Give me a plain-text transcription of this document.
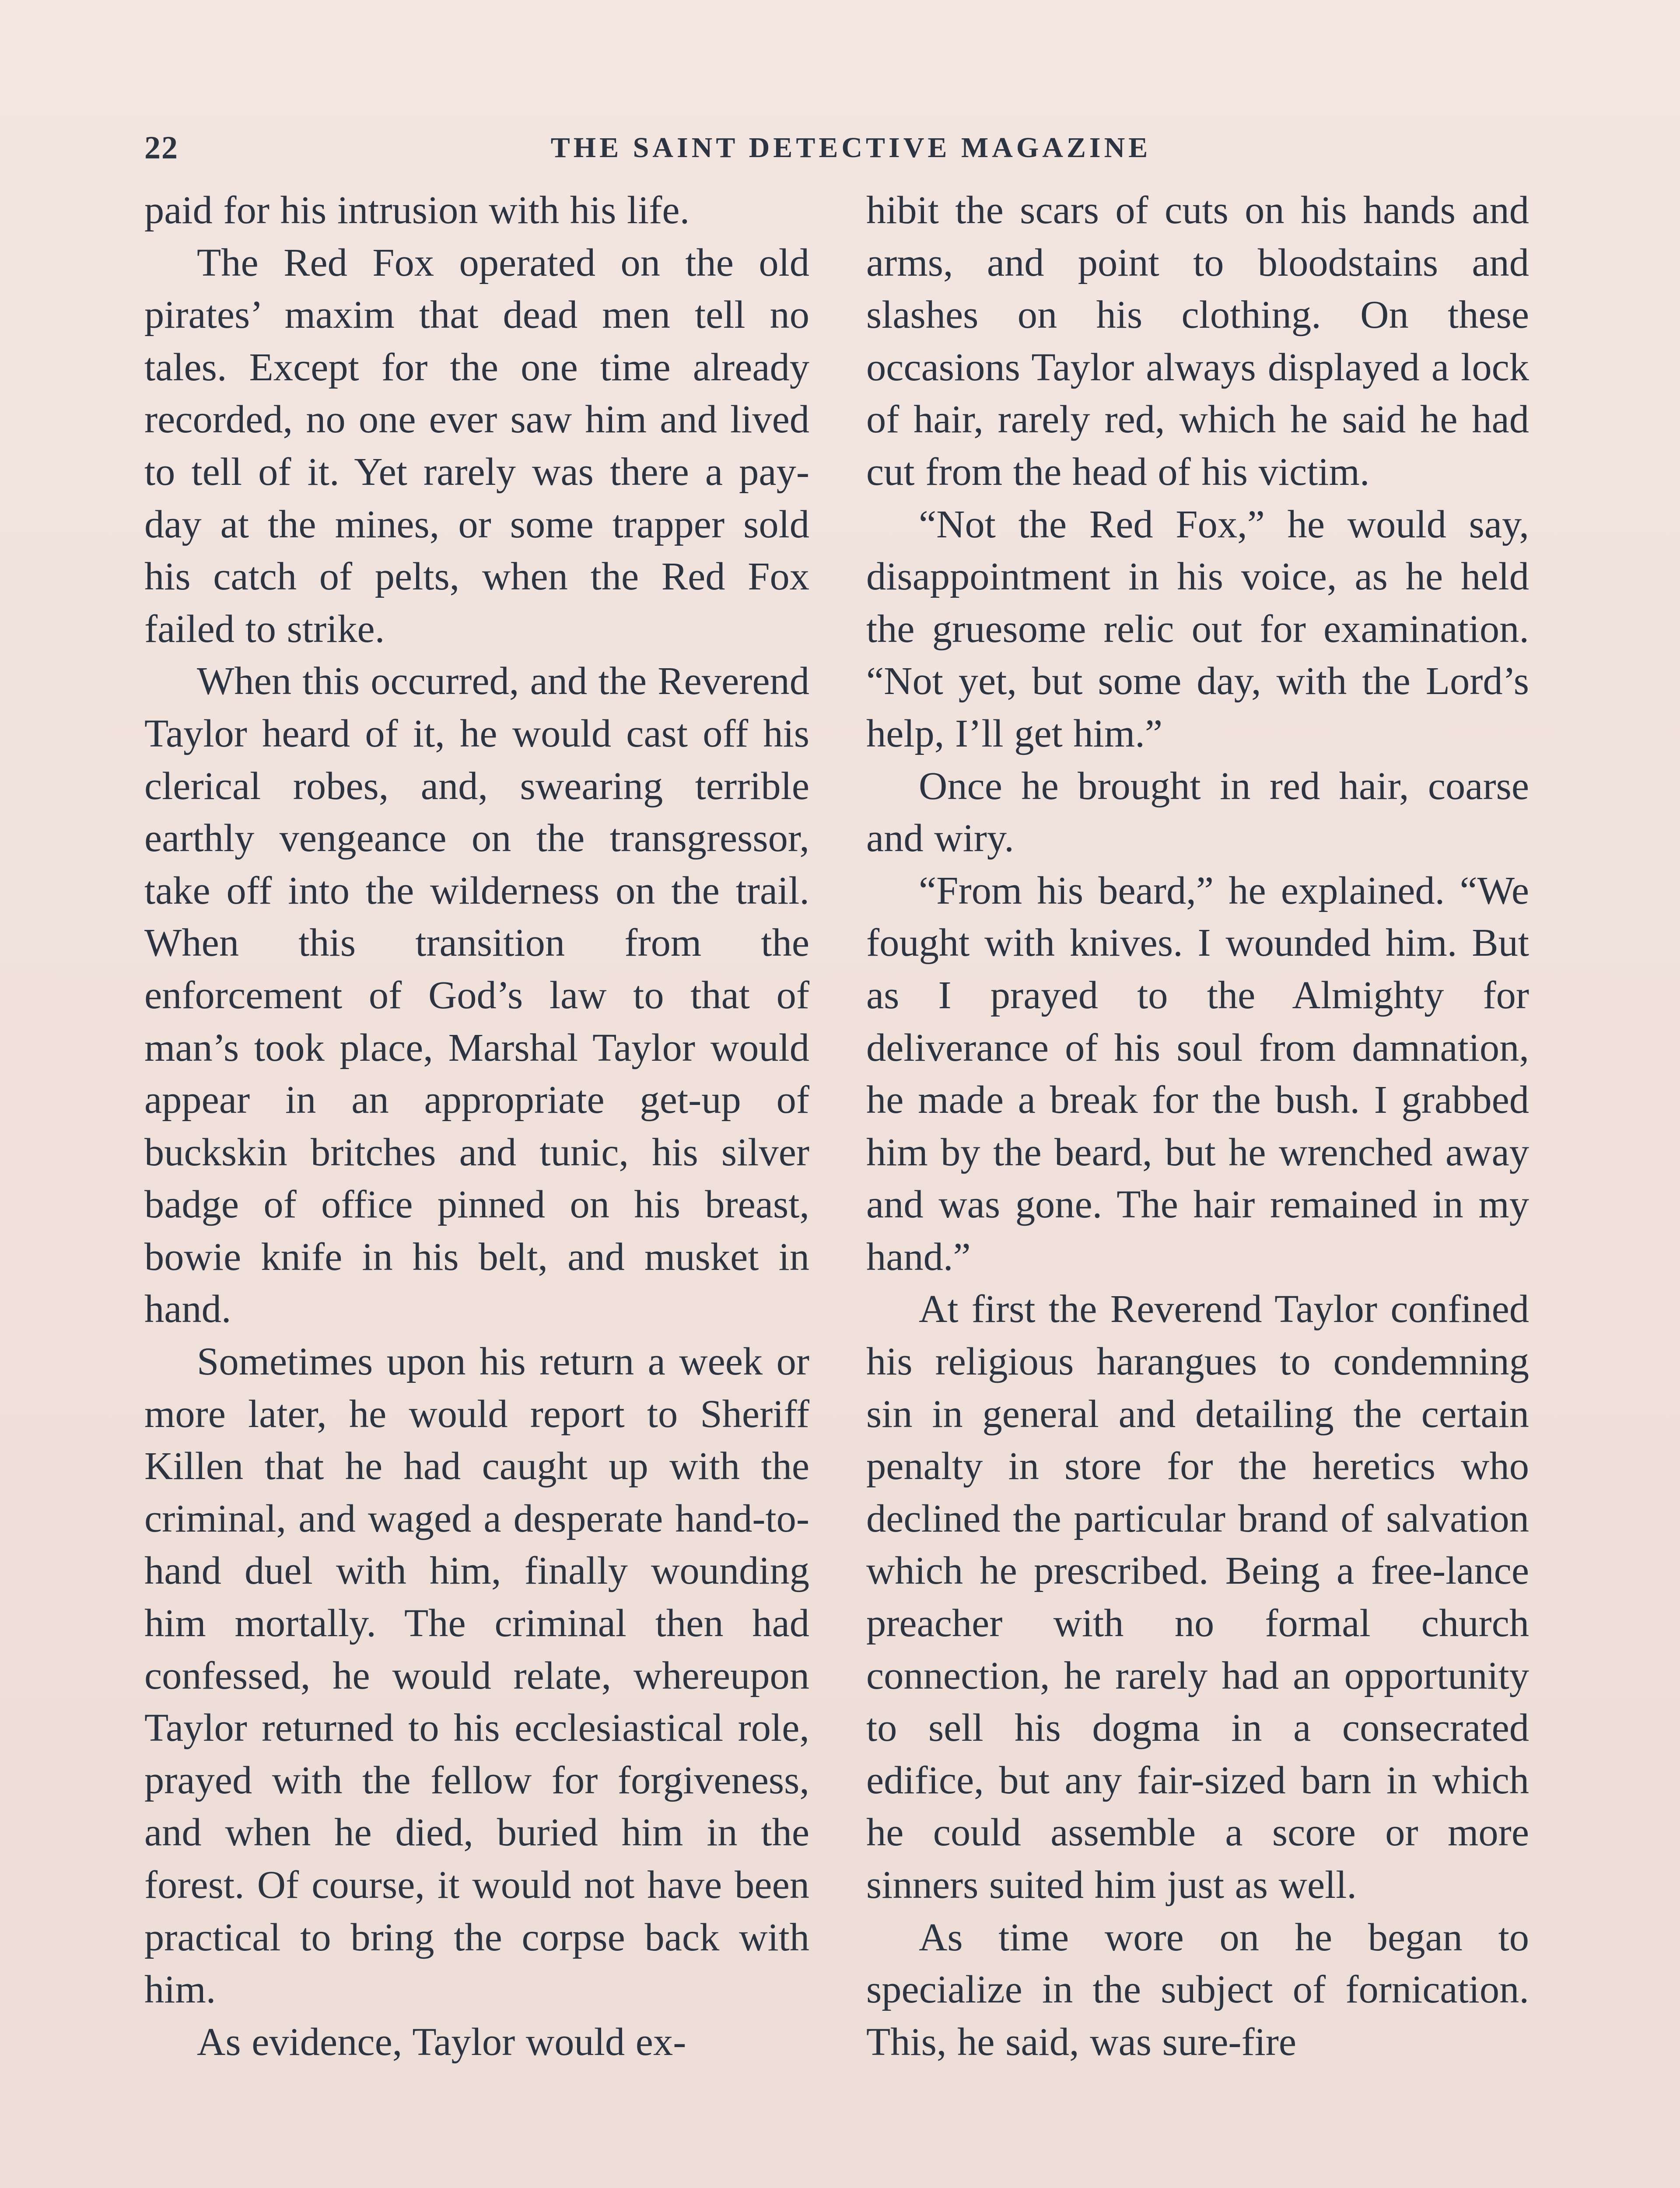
22	THE SAINT DETECTIVE MAGAZINE

paid for his intrusion with his life.

The Red Fox operated on the old pirates’ maxim that dead men tell no tales. Except for the one time already recorded, no one ever saw him and lived to tell of it. Yet rarely was there a pay-day at the mines, or some trapper sold his catch of pelts, when the Red Fox failed to strike.

When this occurred, and the Reverend Taylor heard of it, he would cast off his clerical robes, and, swearing terrible earthly vengeance on the transgressor, take off into the wilderness on the trail. When this transition from the enforcement of God’s law to that of man’s took place, Marshal Taylor would appear in an appropriate get-up of buckskin britches and tunic, his silver badge of office pinned on his breast, bowie knife in his belt, and musket in hand.

Sometimes upon his return a week or more later, he would report to Sheriff Killen that he had caught up with the criminal, and waged a desperate hand-to-hand duel with him, finally wounding him mortally. The criminal then had confessed, he would relate, whereupon Taylor returned to his ecclesiastical role, prayed with the fellow for forgiveness, and when he died, buried him in the forest. Of course, it would not have been practical to bring the corpse back with him.

As evidence, Taylor would ex-

hibit the scars of cuts on his hands and arms, and point to bloodstains and slashes on his clothing. On these occasions Taylor always displayed a lock of hair, rarely red, which he said he had cut from the head of his victim.

“Not the Red Fox,” he would say, disappointment in his voice, as he held the gruesome relic out for examination. “Not yet, but some day, with the Lord’s help, I’ll get him.”

Once he brought in red hair, coarse and wiry.

“From his beard,” he explained. “We fought with knives. I wounded him. But as I prayed to the Almighty for deliverance of his soul from damnation, he made a break for the bush. I grabbed him by the beard, but he wrenched away and was gone. The hair remained in my hand.”

At first the Reverend Taylor confined his religious harangues to condemning sin in general and detailing the certain penalty in store for the heretics who declined the particular brand of salvation which he prescribed. Being a free-lance preacher with no formal church connection, he rarely had an opportunity to sell his dogma in a consecrated edifice, but any fair-sized barn in which he could assemble a score or more sinners suited him just as well.

As time wore on he began to specialize in the subject of fornication. This, he said, was sure-fire
